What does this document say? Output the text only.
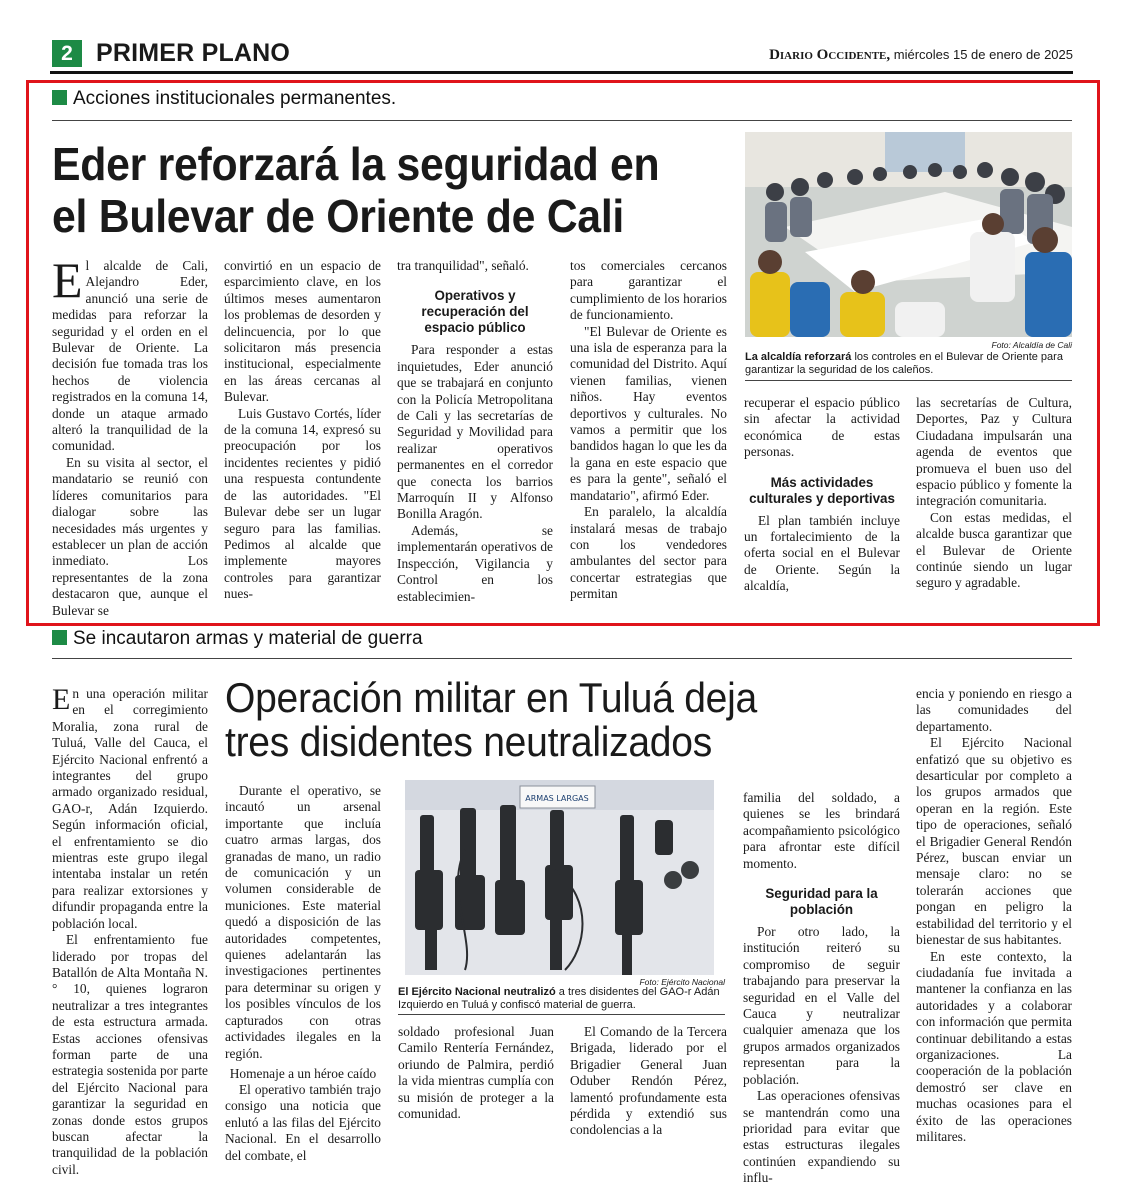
2 PRIMER PLANO	Diario Occidente, miércoles 15 de enero de 2025
Acciones institucionales permanentes.
Eder reforzará la seguridad en
el Bulevar de Oriente de Cali
Foto: Alcaldía de Cali
La alcaldía reforzará los controles en el Bulevar de Oriente para garantizar la seguridad de los caleños.

El alcalde de Cali, Alejandro Eder, anunció una serie de medidas para reforzar la seguridad y el orden en el Bulevar de Oriente. La decisión fue tomada tras los hechos de violencia registrados en la comuna 14, donde un ataque armado alteró la tranquilidad de la comunidad.

En su visita al sector, el mandatario se reunió con líderes comunitarios para dialogar sobre las necesidades más urgentes y establecer un plan de acción inmediato. Los representantes de la zona destacaron que, aunque el Bulevar se

convirtió en un espacio de esparcimiento clave, en los últimos meses aumentaron los problemas de desorden y delincuencia, por lo que solicitaron más presencia institucional, especialmente en las áreas cercanas al Bulevar.

Luis Gustavo Cortés, líder de la comuna 14, expresó su preocupación por los incidentes recientes y pidió una respuesta contundente de las autoridades. "El Bulevar debe ser un lugar seguro para las familias. Pedimos al alcalde que implemente mayores controles para garantizar nues-

tra tranquilidad", señaló.

Operativos y recuperación del espacio público

Para responder a estas inquietudes, Eder anunció que se trabajará en conjunto con la Policía Metropolitana de Cali y las secretarías de Seguridad y Movilidad para realizar operativos permanentes en el corredor que conecta los barrios Marroquín II y Alfonso Bonilla Aragón.

Además, se implementarán operativos de Inspección, Vigilancia y Control en los establecimien-

tos comerciales cercanos para garantizar el cumplimiento de los horarios de funcionamiento.

"El Bulevar de Oriente es una isla de esperanza para la comunidad del Distrito. Aquí vienen familias, vienen niños. Hay eventos deportivos y culturales. No vamos a permitir que los bandidos hagan lo que les da la gana en este espacio que es para la gente", señaló el mandatario", afirmó Eder.

En paralelo, la alcaldía instalará mesas de trabajo con los vendedores ambulantes del sector para concertar estrategias que permitan

recuperar el espacio público sin afectar la actividad económica de estas personas.

Más actividades culturales y deportivas

El plan también incluye un fortalecimiento de la oferta social en el Bulevar de Oriente. Según la alcaldía,

las secretarías de Cultura, Deportes, Paz y Cultura Ciudadana impulsarán una agenda de eventos que promueva el buen uso del espacio público y fomente la integración comunitaria.

Con estas medidas, el alcalde busca garantizar que el Bulevar de Oriente continúe siendo un lugar seguro y agradable.

Se incautaron armas y material de guerra
Operación militar en Tuluá deja
tres disidentes neutralizados

En una operación militar en el corregimiento Moralia, zona rural de Tuluá, Valle del Cauca, el Ejército Nacional enfrentó a integrantes del grupo armado organizado residual, GAO-r, Adán Izquierdo. Según información oficial, el enfrentamiento se dio mientras este grupo ilegal intentaba instalar un retén para realizar extorsiones y difundir propaganda entre la población local.

El enfrentamiento fue liderado por tropas del Batallón de Alta Montaña N.° 10, quienes lograron neutralizar a tres integrantes de esta estructura armada. Estas acciones ofensivas forman parte de una estrategia sostenida por parte del Ejército Nacional para garantizar la seguridad en zonas donde estos grupos buscan afectar la tranquilidad de la población civil.

Durante el operativo, se incautó un arsenal importante que incluía cuatro armas largas, dos granadas de mano, un radio de comunicación y un volumen considerable de municiones. Este material quedó a disposición de las autoridades competentes, quienes adelantarán las investigaciones pertinentes para determinar su origen y los posibles vínculos de los capturados con otras actividades ilegales en la región.

Homenaje a un héroe caído

El operativo también trajo consigo una noticia que enlutó a las filas del Ejército Nacional. En el desarrollo del combate, el

ARMAS LARGAS
Foto: Ejército Nacional
El Ejército Nacional neutralizó a tres disidentes del GAO-r Adán Izquierdo en Tuluá y confiscó material de guerra.

soldado profesional Juan Camilo Rentería Fernández, oriundo de Palmira, perdió la vida mientras cumplía con su misión de proteger a la comunidad.

El Comando de la Tercera Brigada, liderado por el Brigadier General Juan Oduber Rendón Pérez, lamentó profundamente esta pérdida y extendió sus condolencias a la

familia del soldado, a quienes se les brindará acompañamiento psicológico para afrontar este difícil momento.

Seguridad para la población

Por otro lado, la institución reiteró su compromiso de seguir trabajando para preservar la seguridad en el Valle del Cauca y neutralizar cualquier amenaza que los grupos armados organizados representan para la población.

Las operaciones ofensivas se mantendrán como una prioridad para evitar que estas estructuras ilegales continúen expandiendo su influ-

encia y poniendo en riesgo a las comunidades del departamento.

El Ejército Nacional enfatizó que su objetivo es desarticular por completo a los grupos armados que operan en la región. Este tipo de operaciones, señaló el Brigadier General Rendón Pérez, buscan enviar un mensaje claro: no se tolerarán acciones que pongan en peligro la estabilidad del territorio y el bienestar de sus habitantes.

En este contexto, la ciudadanía fue invitada a mantener la confianza en las autoridades y a colaborar con información que permita continuar debilitando a estas organizaciones. La cooperación de la población demostró ser clave en muchas ocasiones para el éxito de las operaciones militares.
